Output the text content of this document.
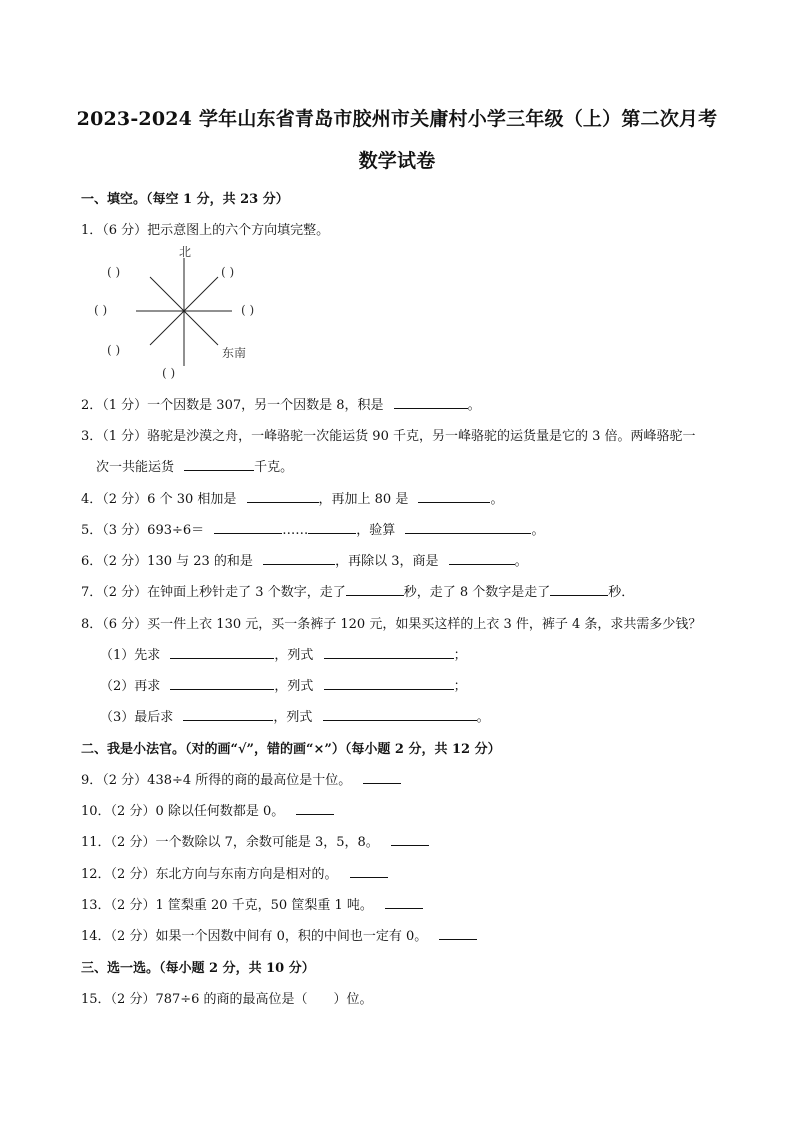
2023-2024 学年山东省青岛市胶州市关庸村小学三年级（上）第二次月考
数学试卷
一、填空。（每空 1 分，共 23 分）
1．（6 分）把示意图上的六个方向填完整。
北
( )	( )
( )	( )
( )	东南
( )
2．（1 分）一个因数是 307，另一个因数是 8，积是	。
3．（1 分）骆驼是沙漠之舟，一峰骆驼一次能运货 90 千克，另一峰骆驼的运货量是它的 3 倍。两峰骆驼一
次一共能运货	千克。
4．（2 分）6 个 30 相加是	，再加上 80 是	。
5．（3 分）693÷6＝	……	，验算	。
6．（2 分）130 与 23 的和是	，再除以 3，商是	。
7．（2 分）在钟面上秒针走了 3 个数字，走了	秒，走了 8 个数字是走了	秒．
8．（6 分）买一件上衣 130 元，买一条裤子 120 元，如果买这样的上衣 3 件，裤子 4 条，求共需多少钱？
（1）先求	，列式	；
（2）再求	，列式	；
（3）最后求	，列式	。
二、我是小法官。（对的画“√”，错的画“×”）（每小题 2 分，共 12 分）
9．（2 分）438÷4 所得的商的最高位是十位。
10．（2 分）0 除以任何数都是 0。
11．（2 分）一个数除以 7，余数可能是 3，5，8。
12．（2 分）东北方向与东南方向是相对的。
13．（2 分）1 筐梨重 20 千克，50 筐梨重 1 吨。
14．（2 分）如果一个因数中间有 0，积的中间也一定有 0。
三、选一选。（每小题 2 分，共 10 分）
15．（2 分）787÷6 的商的最高位是（　　）位。
